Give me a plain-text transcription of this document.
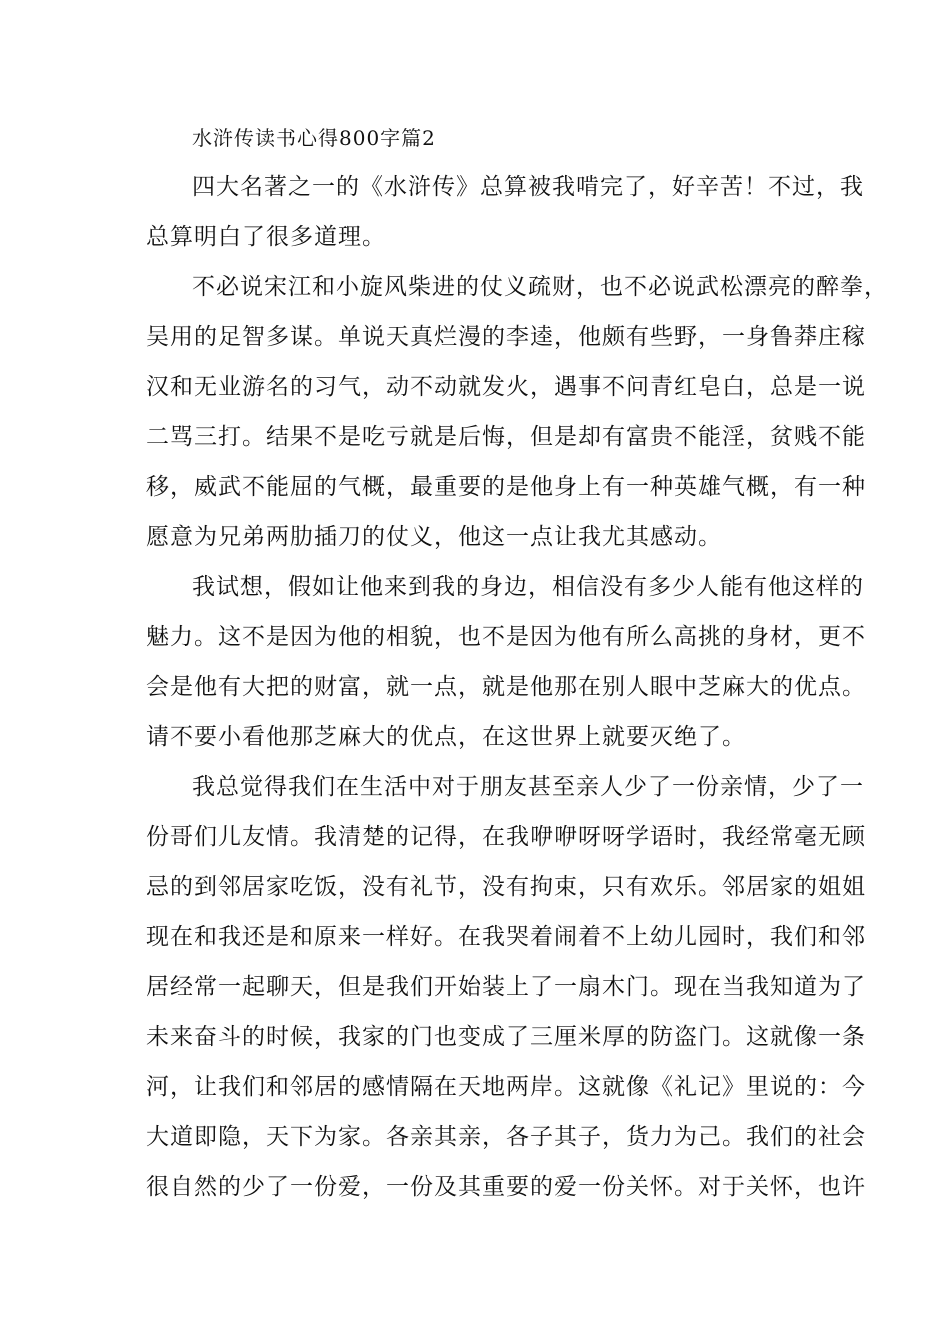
水浒传读书心得800字篇2
四大名著之一的《水浒传》总算被我啃完了，好辛苦！不过，我
总算明白了很多道理。
不必说宋江和小旋风柴进的仗义疏财，也不必说武松漂亮的醉拳，
吴用的足智多谋。单说天真烂漫的李逵，他颇有些野，一身鲁莽庄稼
汉和无业游名的习气，动不动就发火，遇事不问青红皂白，总是一说
二骂三打。结果不是吃亏就是后悔，但是却有富贵不能淫，贫贱不能
移，威武不能屈的气概，最重要的是他身上有一种英雄气概，有一种
愿意为兄弟两肋插刀的仗义，他这一点让我尤其感动。
我试想，假如让他来到我的身边，相信没有多少人能有他这样的
魅力。这不是因为他的相貌，也不是因为他有所么高挑的身材，更不
会是他有大把的财富，就一点，就是他那在别人眼中芝麻大的优点。
请不要小看他那芝麻大的优点，在这世界上就要灭绝了。
我总觉得我们在生活中对于朋友甚至亲人少了一份亲情，少了一
份哥们儿友情。我清楚的记得，在我咿咿呀呀学语时，我经常毫无顾
忌的到邻居家吃饭，没有礼节，没有拘束，只有欢乐。邻居家的姐姐
现在和我还是和原来一样好。在我哭着闹着不上幼儿园时，我们和邻
居经常一起聊天，但是我们开始装上了一扇木门。现在当我知道为了
未来奋斗的时候，我家的门也变成了三厘米厚的防盗门。这就像一条
河，让我们和邻居的感情隔在天地两岸。这就像《礼记》里说的：今
大道即隐，天下为家。各亲其亲，各子其子，货力为己。我们的社会
很自然的少了一份爱，一份及其重要的爱一份关怀。对于关怀，也许
